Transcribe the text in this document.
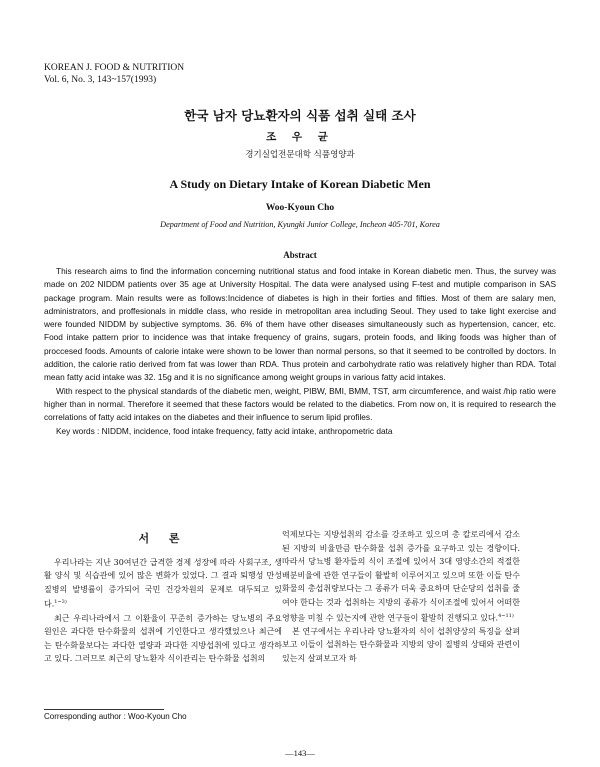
KOREAN J. FOOD & NUTRITION
Vol. 6, No. 3, 143~157(1993)
한국 남자 당뇨환자의 식품 섭취 실태 조사
조 우 균
경기실업전문대학 식품영양과
A Study on Dietary Intake of Korean Diabetic Men
Woo-Kyoun Cho
Department of Food and Nutrition, Kyungki Junior College, Incheon 405-701, Korea
Abstract

This research aims to find the information concerning nutritional status and food intake in Korean diabetic men. Thus, the survey was made on 202 NIDDM patients over 35 age at University Hospital. The data were analysed using F-test and mutiple comparison in SAS package program. Main results were as follows:Incidence of diabetes is high in their forties and fifties. Most of them are salary men, administrators, and proffesionals in middle class, who reside in metropolitan area including Seoul. They used to take light exercise and were founded NIDDM by subjective symptoms. 36. 6% of them have other diseases simultaneously such as hypertension, cancer, etc. Food intake pattern prior to incidence was that intake frequency of grains, sugars, protein foods, and liking foods was higher than of proccesed foods. Amounts of calorie intake were shown to be lower than normal persons, so that it seemed to be controlled by doctors. In addition, the calorie ratio derived from fat was lower than RDA. Thus protein and carbohydrate ratio was relatively higher than RDA. Total mean fatty acid intake was 32. 15g and it is no significance among weight groups in various fatty acid intakes.

With respect to the physical standards of the diabetic men, weight, PIBW, BMI, BMM, TST, arm circumference, and waist /hip ratio were higher than in normal. Therefore it seemed that these factors would be related to the diabetics. From now on, it is required to research the correlations of fatty acid intakes on the diabetes and their influence to serum lipid profiles.

Key words : NIDDM, incidence, food intake frequency, fatty acid intake, anthropometric data

서 론

우리나라는 지난 30여년간 급격한 경제 성장에 따라 사회구조, 생활 양식 및 식습관에 있어 많은 변화가 있었다. 그 결과 퇴행성 만성질병의 발병률이 증가되어 국민 건강차원의 문제로 대두되고 있다.$^{1\sim 3)}$

최근 우리나라에서 그 이환율이 꾸준히 증가하는 당뇨병의 주요 원인은 과다한 탄수화물의 섭취에 기인한다고 생각했었으나 최근에는 탄수화물보다는 과다한 열량과 과다한 지방섭취에 있다고 생각하고 있다. 그러므로 최근의 당뇨환자 식이관리는 탄수화물 섭취의

억제보다는 지방섭취의 감소를 강조하고 있으며 총 칼로리에서 감소된 지방의 비율만큼 탄수화물 섭취 증가를 요구하고 있는 경향이다. 따라서 당뇨병 환자들의 식이 조절에 있어서 3대 영양소간의 적절한 배분비율에 관한 연구들이 활발히 이루어지고 있으며 또한 이들 탄수화물의 총섭취량보다는 그 종류가 더욱 중요하며 단순당의 섭취를 줄여야 한다는 것과 섭취하는 지방의 종류가 식이조절에 있어서 어떠한 영향을 미칠 수 있는지에 관한 연구들이 활발히 진행되고 있다.$^{4\sim 11)}$

본 연구에서는 우리나라 당뇨환자의 식이 섭취양상의 특징을 살펴보고 이들이 섭취하는 탄수화물과 지방의 양이 질병의 상태와 관련이 있는지 살펴보고자 하

Corresponding author : Woo-Kyoun Cho
—143—
